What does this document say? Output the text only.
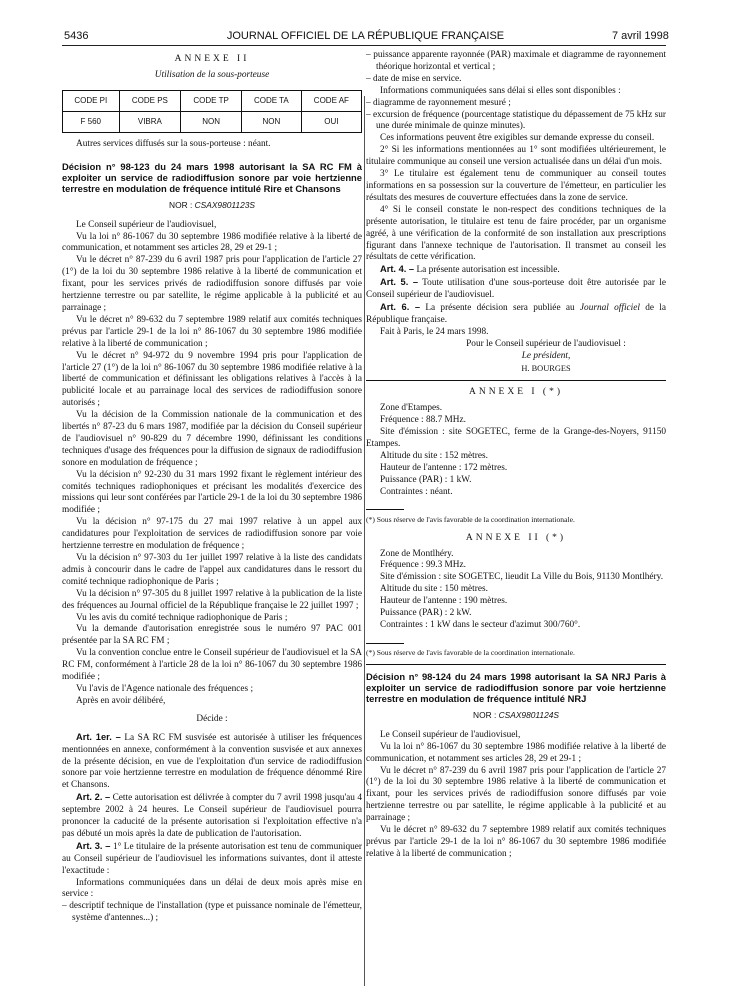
5436	JOURNAL OFFICIEL DE LA RÉPUBLIQUE FRANÇAISE	7 avril 1998
ANNEXE II
Utilisation de la sous-porteuse
CODE PI	CODE PS	CODE TP	CODE TA	CODE AF
F 560	VIBRA	NON	NON	OUI

Autres services diffusés sur la sous-porteuse : néant.

Décision n° 98-123 du 24 mars 1998 autorisant la SA RC FM à exploiter un service de radiodiffusion sonore par voie hertzienne terrestre en modulation de fréquence intitulé Rire et Chansons
NOR : CSAX9801123S

Le Conseil supérieur de l'audiovisuel,

Vu la loi n° 86-1067 du 30 septembre 1986 modifiée relative à la liberté de communication, et notamment ses articles 28, 29 et 29-1 ;

Vu le décret n° 87-239 du 6 avril 1987 pris pour l'application de l'article 27 (1°) de la loi du 30 septembre 1986 relative à la liberté de communication et fixant, pour les services privés de radiodiffusion sonore diffusés par voie hertzienne terrestre ou par satellite, le régime applicable à la publicité et au parrainage ;

Vu le décret n° 89-632 du 7 septembre 1989 relatif aux comités techniques prévus par l'article 29-1 de la loi n° 86-1067 du 30 septembre 1986 modifiée relative à la liberté de communication ;

Vu le décret n° 94-972 du 9 novembre 1994 pris pour l'application de l'article 27 (1°) de la loi n° 86-1067 du 30 septembre 1986 modifiée relative à la liberté de communication et définissant les obligations relatives à l'accès à la publicité locale et au parrainage local des services de radiodiffusion sonore autorisés ;

Vu la décision de la Commission nationale de la communication et des libertés n° 87-23 du 6 mars 1987, modifiée par la décision du Conseil supérieur de l'audiovisuel n° 90-829 du 7 décembre 1990, définissant les conditions techniques d'usage des fréquences pour la diffusion de signaux de radiodiffusion sonore en modulation de fréquence ;

Vu la décision n° 92-230 du 31 mars 1992 fixant le règlement intérieur des comités techniques radiophoniques et précisant les modalités d'exercice des missions qui leur sont conférées par l'article 29-1 de la loi du 30 septembre 1986 modifiée ;

Vu la décision n° 97-175 du 27 mai 1997 relative à un appel aux candidatures pour l'exploitation de services de radiodiffusion sonore par voie hertzienne terrestre en modulation de fréquence ;

Vu la décision n° 97-303 du 1er juillet 1997 relative à la liste des candidats admis à concourir dans le cadre de l'appel aux candidatures dans le ressort du comité technique radiophonique de Paris ;

Vu la décision n° 97-305 du 8 juillet 1997 relative à la publication de la liste des fréquences au Journal officiel de la République française le 22 juillet 1997 ;

Vu les avis du comité technique radiophonique de Paris ;

Vu la demande d'autorisation enregistrée sous le numéro 97 PAC 001 présentée par la SA RC FM ;

Vu la convention conclue entre le Conseil supérieur de l'audiovisuel et la SA RC FM, conformément à l'article 28 de la loi n° 86-1067 du 30 septembre 1986 modifiée ;

Vu l'avis de l'Agence nationale des fréquences ;

Après en avoir délibéré,

Décide :

Art. 1er. – La SA RC FM susvisée est autorisée à utiliser les fréquences mentionnées en annexe, conformément à la convention susvisée et aux annexes de la présente décision, en vue de l'exploitation d'un service de radiodiffusion sonore par voie hertzienne terrestre en modulation de fréquence dénommé Rire et Chansons.

Art. 2. – Cette autorisation est délivrée à compter du 7 avril 1998 jusqu'au 4 septembre 2002 à 24 heures. Le Conseil supérieur de l'audiovisuel pourra prononcer la caducité de la présente autorisation si l'exploitation effective n'a pas débuté un mois après la date de publication de l'autorisation.

Art. 3. – 1° Le titulaire de la présente autorisation est tenu de communiquer au Conseil supérieur de l'audiovisuel les informations suivantes, dont il atteste l'exactitude :

Informations communiquées dans un délai de deux mois après mise en service :

– descriptif technique de l'installation (type et puissance nominale de l'émetteur, système d'antennes...) ;

– puissance apparente rayonnée (PAR) maximale et diagramme de rayonnement théorique horizontal et vertical ;

– date de mise en service.

Informations communiquées sans délai si elles sont disponibles :

– diagramme de rayonnement mesuré ;

– excursion de fréquence (pourcentage statistique du dépassement de 75 kHz sur une durée minimale de quinze minutes).

Ces informations peuvent être exigibles sur demande expresse du conseil.

2° Si les informations mentionnées au 1° sont modifiées ultérieurement, le titulaire communique au conseil une version actualisée dans un délai d'un mois.

3° Le titulaire est également tenu de communiquer au conseil toutes informations en sa possession sur la couverture de l'émetteur, en particulier les résultats des mesures de couverture effectuées dans la zone de service.

4° Si le conseil constate le non-respect des conditions techniques de la présente autorisation, le titulaire est tenu de faire procéder, par un organisme agréé, à une vérification de la conformité de son installation aux prescriptions figurant dans l'annexe technique de l'autorisation. Il transmet au conseil les résultats de cette vérification.

Art. 4. – La présente autorisation est incessible.

Art. 5. – Toute utilisation d'une sous-porteuse doit être autorisée par le Conseil supérieur de l'audiovisuel.

Art. 6. – La présente décision sera publiée au Journal officiel de la République française.

Fait à Paris, le 24 mars 1998.

Pour le Conseil supérieur de l'audiovisuel :

Le président,

H. BOURGES

ANNEXE I (*)

Zone d'Etampes.

Fréquence : 88.7 MHz.

Site d'émission : site SOGETEC, ferme de la Grange-des-Noyers, 91150 Etampes.

Altitude du site : 152 mètres.

Hauteur de l'antenne : 172 mètres.

Puissance (PAR) : 1 kW.

Contraintes : néant.

(*) Sous réserve de l'avis favorable de la coordination internationale.
ANNEXE II (*)

Zone de Montlhéry.

Fréquence : 99.3 MHz.

Site d'émission : site SOGETEC, lieudit La Ville du Bois, 91130 Montlhéry.

Altitude du site : 150 mètres.

Hauteur de l'antenne : 190 mètres.

Puissance (PAR) : 2 kW.

Contraintes : 1 kW dans le secteur d'azimut 300/760°.

(*) Sous réserve de l'avis favorable de la coordination internationale.
Décision n° 98-124 du 24 mars 1998 autorisant la SA NRJ Paris à exploiter un service de radiodiffusion sonore par voie hertzienne terrestre en modulation de fréquence intitulé NRJ
NOR : CSAX9801124S

Le Conseil supérieur de l'audiovisuel,

Vu la loi n° 86-1067 du 30 septembre 1986 modifiée relative à la liberté de communication, et notamment ses articles 28, 29 et 29-1 ;

Vu le décret n° 87-239 du 6 avril 1987 pris pour l'application de l'article 27 (1°) de la loi du 30 septembre 1986 relative à la liberté de communication et fixant, pour les services privés de radiodiffusion sonore diffusés par voie hertzienne terrestre ou par satellite, le régime applicable à la publicité et au parrainage ;

Vu le décret n° 89-632 du 7 septembre 1989 relatif aux comités techniques prévus par l'article 29-1 de la loi n° 86-1067 du 30 septembre 1986 modifiée relative à la liberté de communication ;
